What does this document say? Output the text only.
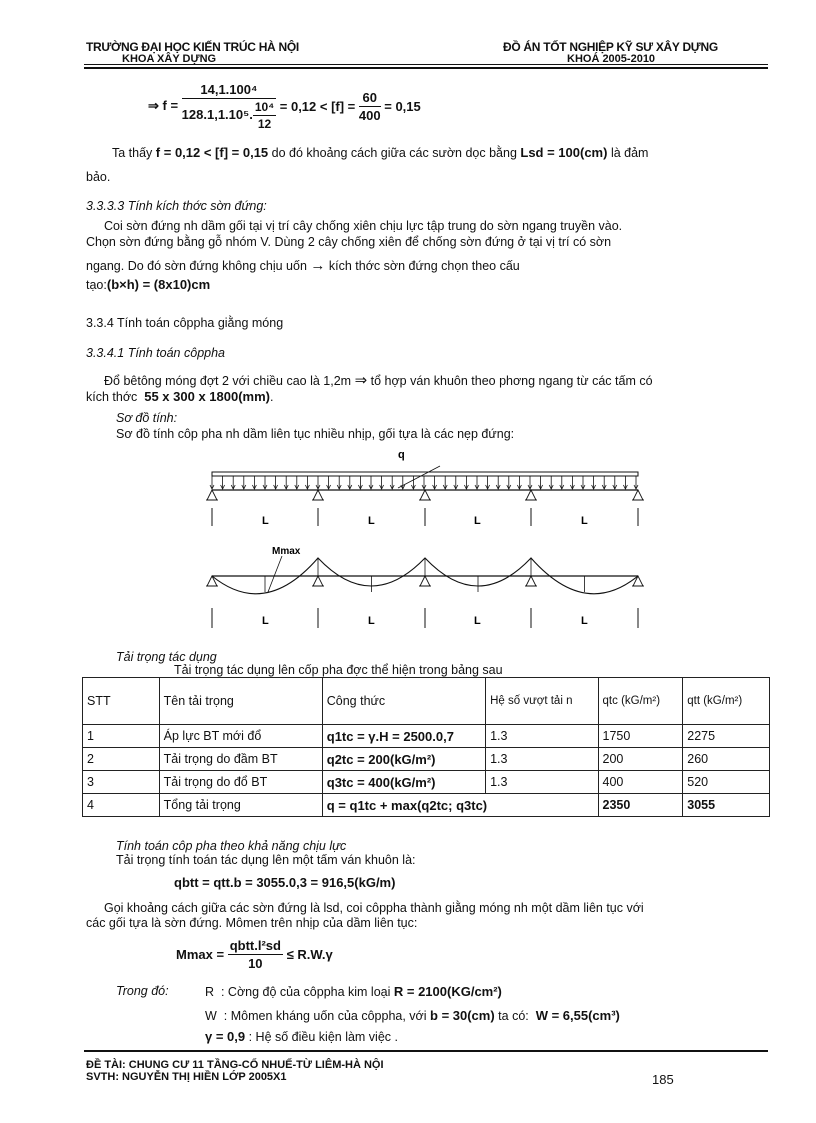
TRƯỜNG ĐẠI HỌC KIẾN TRÚC HÀ NỘI
KHOA XÂY DỰNG
ĐỒ ÁN TỐT NGHIỆP KỸ SƯ XÂY DỰNG
KHOÁ 2005-2010
⇒ f =
$\frac{\text{14,1.100⁴}}{128.1,1.10^5. \frac{\text{10⁴}}{12}}$
= 0,12 < [f] =
$\frac{60}{400}$
= 0,15
Ta thấy f = 0,12 < [f] = 0,15 do đó khoảng cách giữa các sườn dọc bằng Lsd = 100(cm) là đảm
bảo.
3.3.3.3 Tính kích thớc sờn đứng:
Coi sờn đứng nh dầm gối tại vị trí cây chống xiên chịu lực tập trung do sờn ngang truyền vào.
Chọn sờn đứng bằng gỗ nhóm V. Dùng 2 cây chống xiên để chống sờn đứng ở tại vị trí có sờn
ngang. Do đó sờn đứng không chịu uốn → kích thớc sờn đứng chọn theo cấu
tạo:(b×h) = (8x10)cm
3.3.4 Tính toán côppha giằng móng
3.3.4.1 Tính toán côppha
Đổ bêtông móng đợt 2 với chiều cao là 1,2m ⇒ tổ hợp ván khuôn theo phơng ngang từ các tấm có
kích thớc 55 x 300 x 1800(mm).
Sơ đồ tính:
Sơ đồ tính côp pha nh dầm liên tục nhiều nhịp, gối tựa là các nẹp đứng:
q
L	L	L	L
Mmax
L	L	L	L
Tải trọng tác dụng
Tải trọng tác dụng lên cốp pha đợc thể hiện trong bảng sau
STT	Tên tải trọng	Công thức	Hệ số vượt tải n	qtc (kG/m²)	qtt (kG/m²)
1	Áp lực BT mới đổ	q1tc = γ.H = 2500.0,7	1.3	1750	2275
2	Tải trọng do đầm BT	q2tc = 200(kG/m²)	1.3	200	260
3	Tải trọng do đổ BT	q3tc = 400(kG/m²)	1.3	400	520
4	Tổng tải trọng	q = q1tc + max(q2tc; q3tc)		2350	3055
Tính toán côp pha theo khả năng chịu lực
Tải trọng tính toán tác dụng lên một tấm ván khuôn là:
qbtt = qtt.b = 3055.0,3 = 916,5(kG/m)
Gọi khoảng cách giữa các sờn đứng là lsd, coi côppha thành giằng móng nh một dầm liên tục với
các gối tựa là sờn đứng. Mômen trên nhịp của dầm liên tục:
Mmax =
$\frac{\text{qbtt.l²sd}}{10}$
≤ R.W.γ
Trong đó:	R : Cờng độ của côppha kim loại R = 2100(KG/cm²)
W : Mômen kháng uốn của côppha, với b = 30(cm) ta có: W = 6,55(cm³)
γ = 0,9 : Hệ số điều kiện làm việc .
ĐỀ TÀI: CHUNG CƯ 11 TẦNG-CỔ NHUẾ-TỪ LIÊM-HÀ NỘI
SVTH: NGUYỄN THỊ HIỀN LỚP 2005X1	185
